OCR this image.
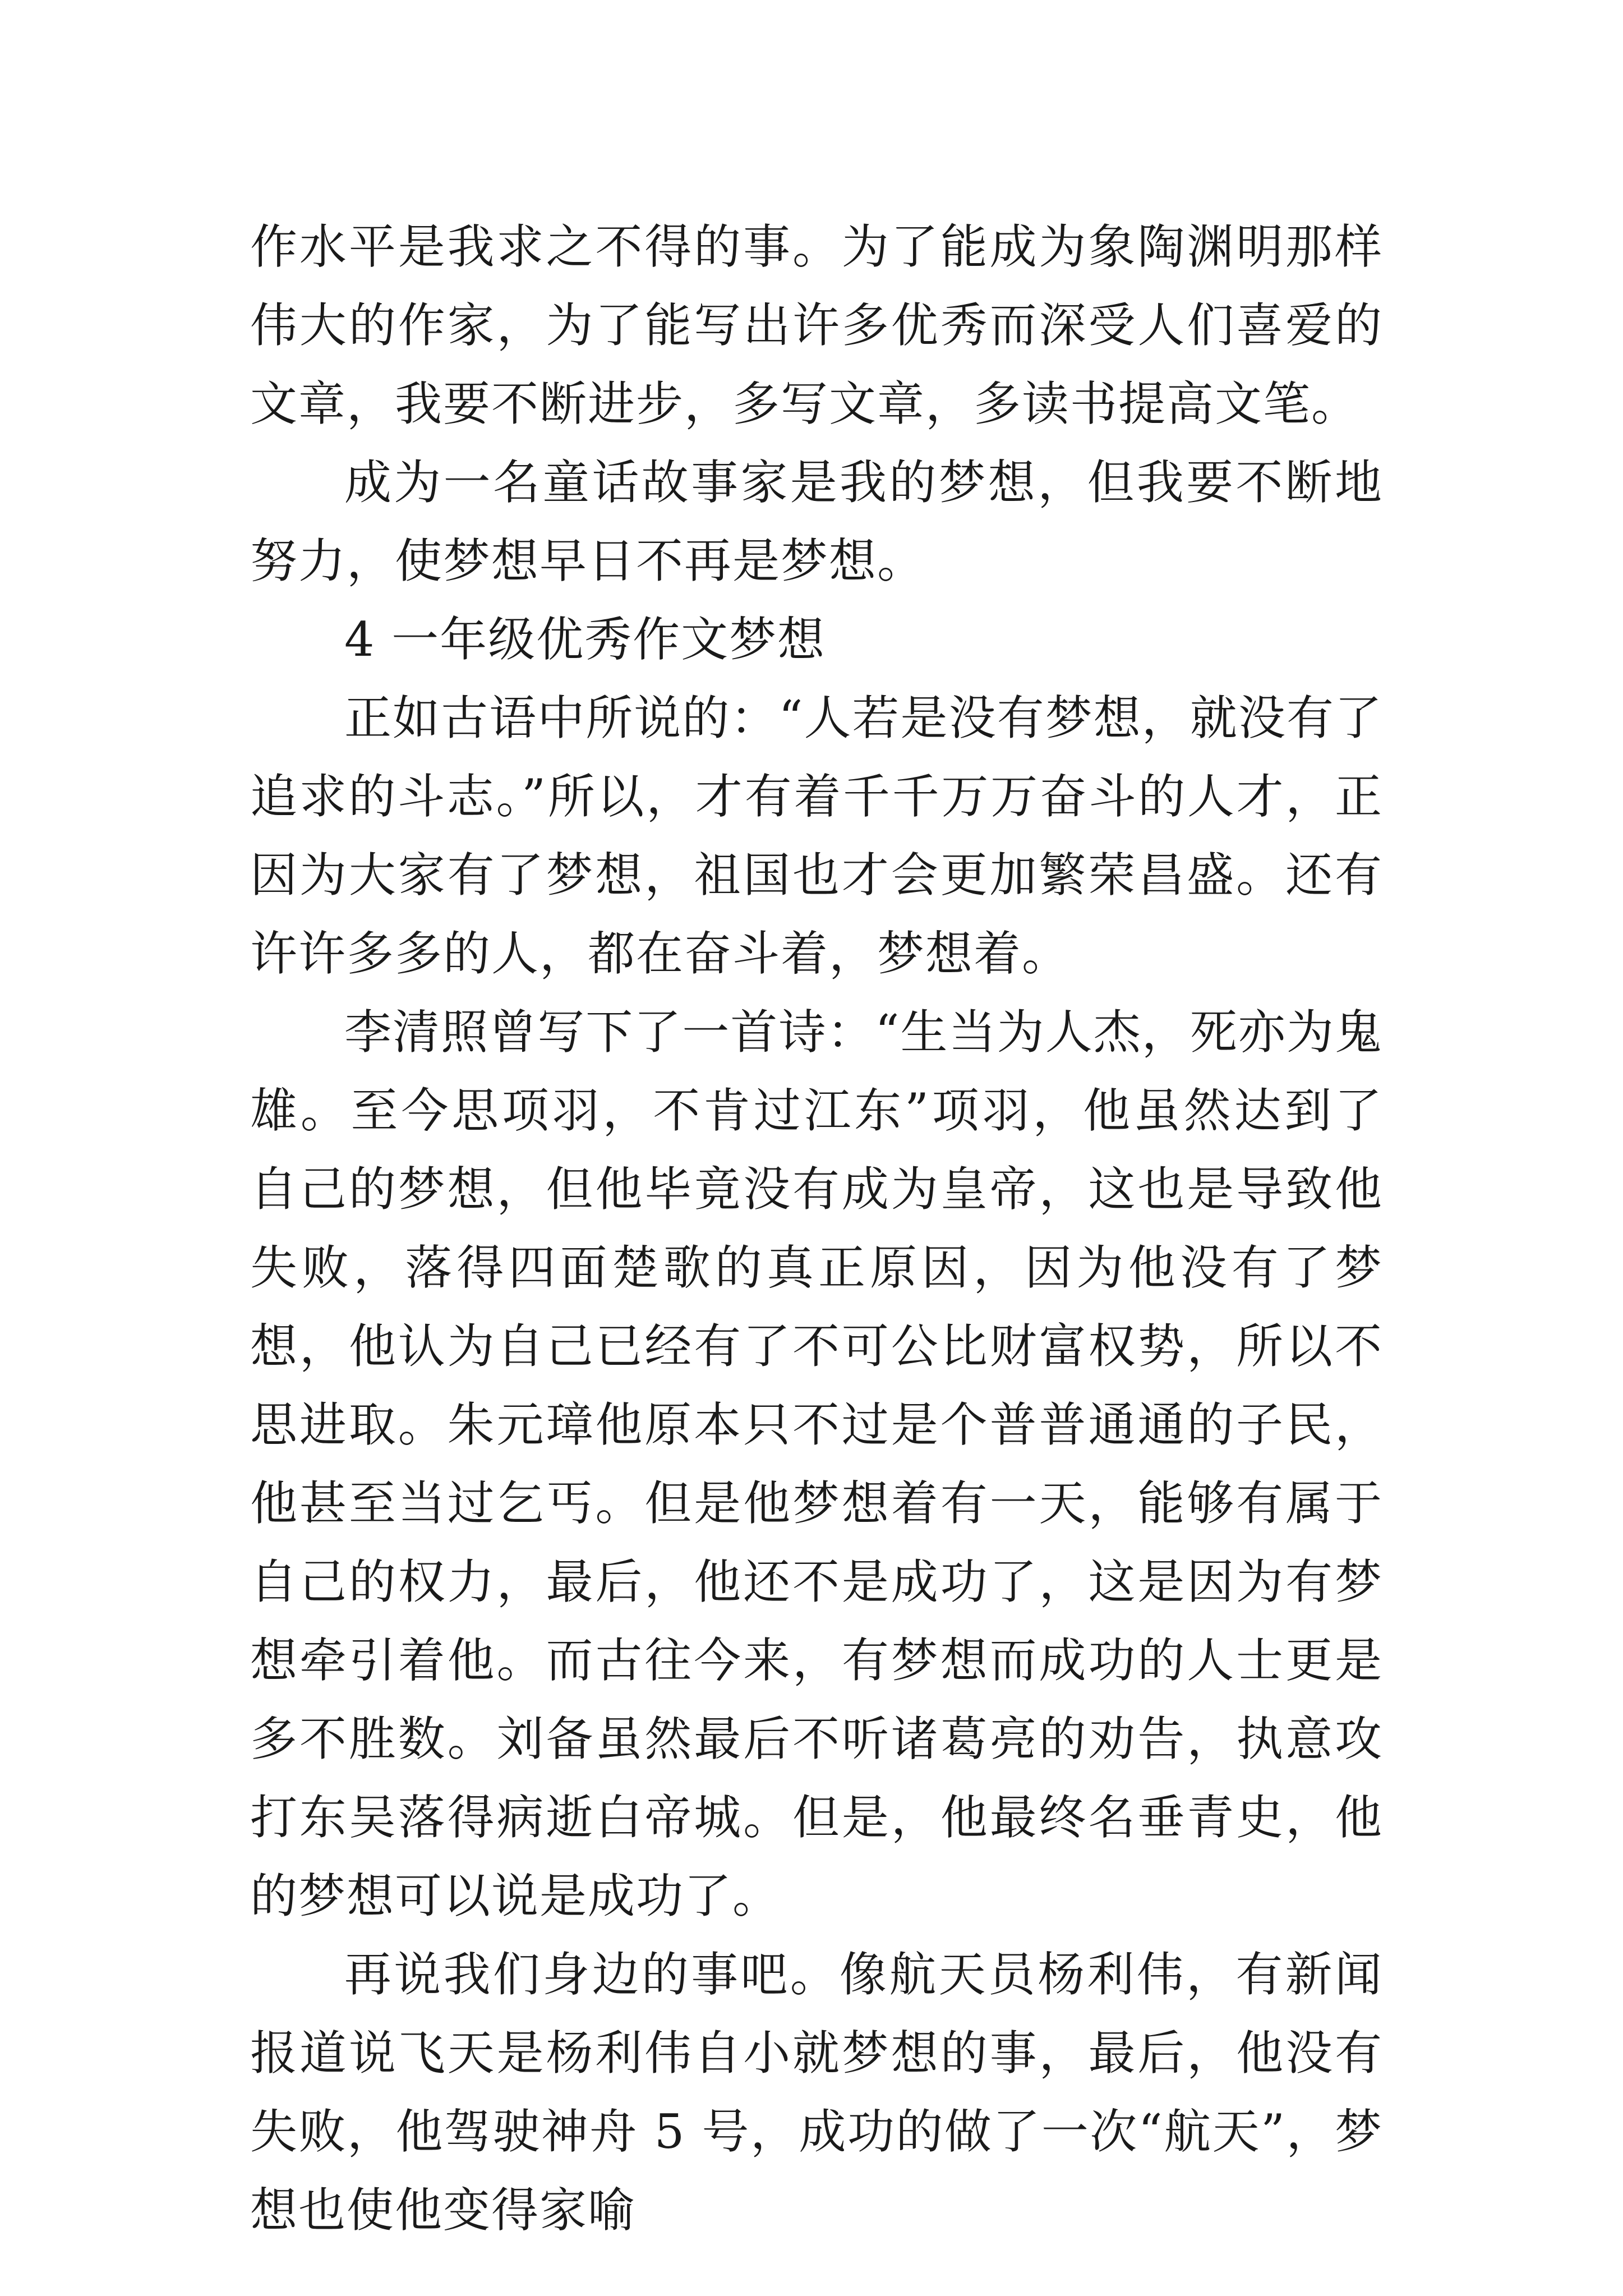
作水平是我求之不得的事。为了能成为象陶渊明那样伟大的作家，为了能写出许多优秀而深受人们喜爱的文章，我要不断进步，多写文章，多读书提高文笔。

成为一名童话故事家是我的梦想，但我要不断地努力，使梦想早日不再是梦想。

4 一年级优秀作文梦想

正如古语中所说的：“人若是没有梦想，就没有了追求的斗志。”所以，才有着千千万万奋斗的人才，正因为大家有了梦想，祖国也才会更加繁荣昌盛。还有许许多多的人，都在奋斗着，梦想着。

李清照曾写下了一首诗：“生当为人杰，死亦为鬼雄。至今思项羽，不肯过江东”项羽，他虽然达到了自己的梦想，但他毕竟没有成为皇帝，这也是导致他失败，落得四面楚歌的真正原因，因为他没有了梦想，他认为自己已经有了不可公比财富权势，所以不思进取。朱元璋他原本只不过是个普普通通的子民，他甚至当过乞丐。但是他梦想着有一天，能够有属于自己的权力，最后，他还不是成功了，这是因为有梦想牵引着他。而古往今来，有梦想而成功的人士更是多不胜数。刘备虽然最后不听诸葛亮的劝告，执意攻打东吴落得病逝白帝城。但是，他最终名垂青史，他的梦想可以说是成功了。

再说我们身边的事吧。像航天员杨利伟，有新闻报道说飞天是杨利伟自小就梦想的事，最后，他没有失败，他驾驶神舟 5 号，成功的做了一次“航天”，梦想也使他变得家喻
